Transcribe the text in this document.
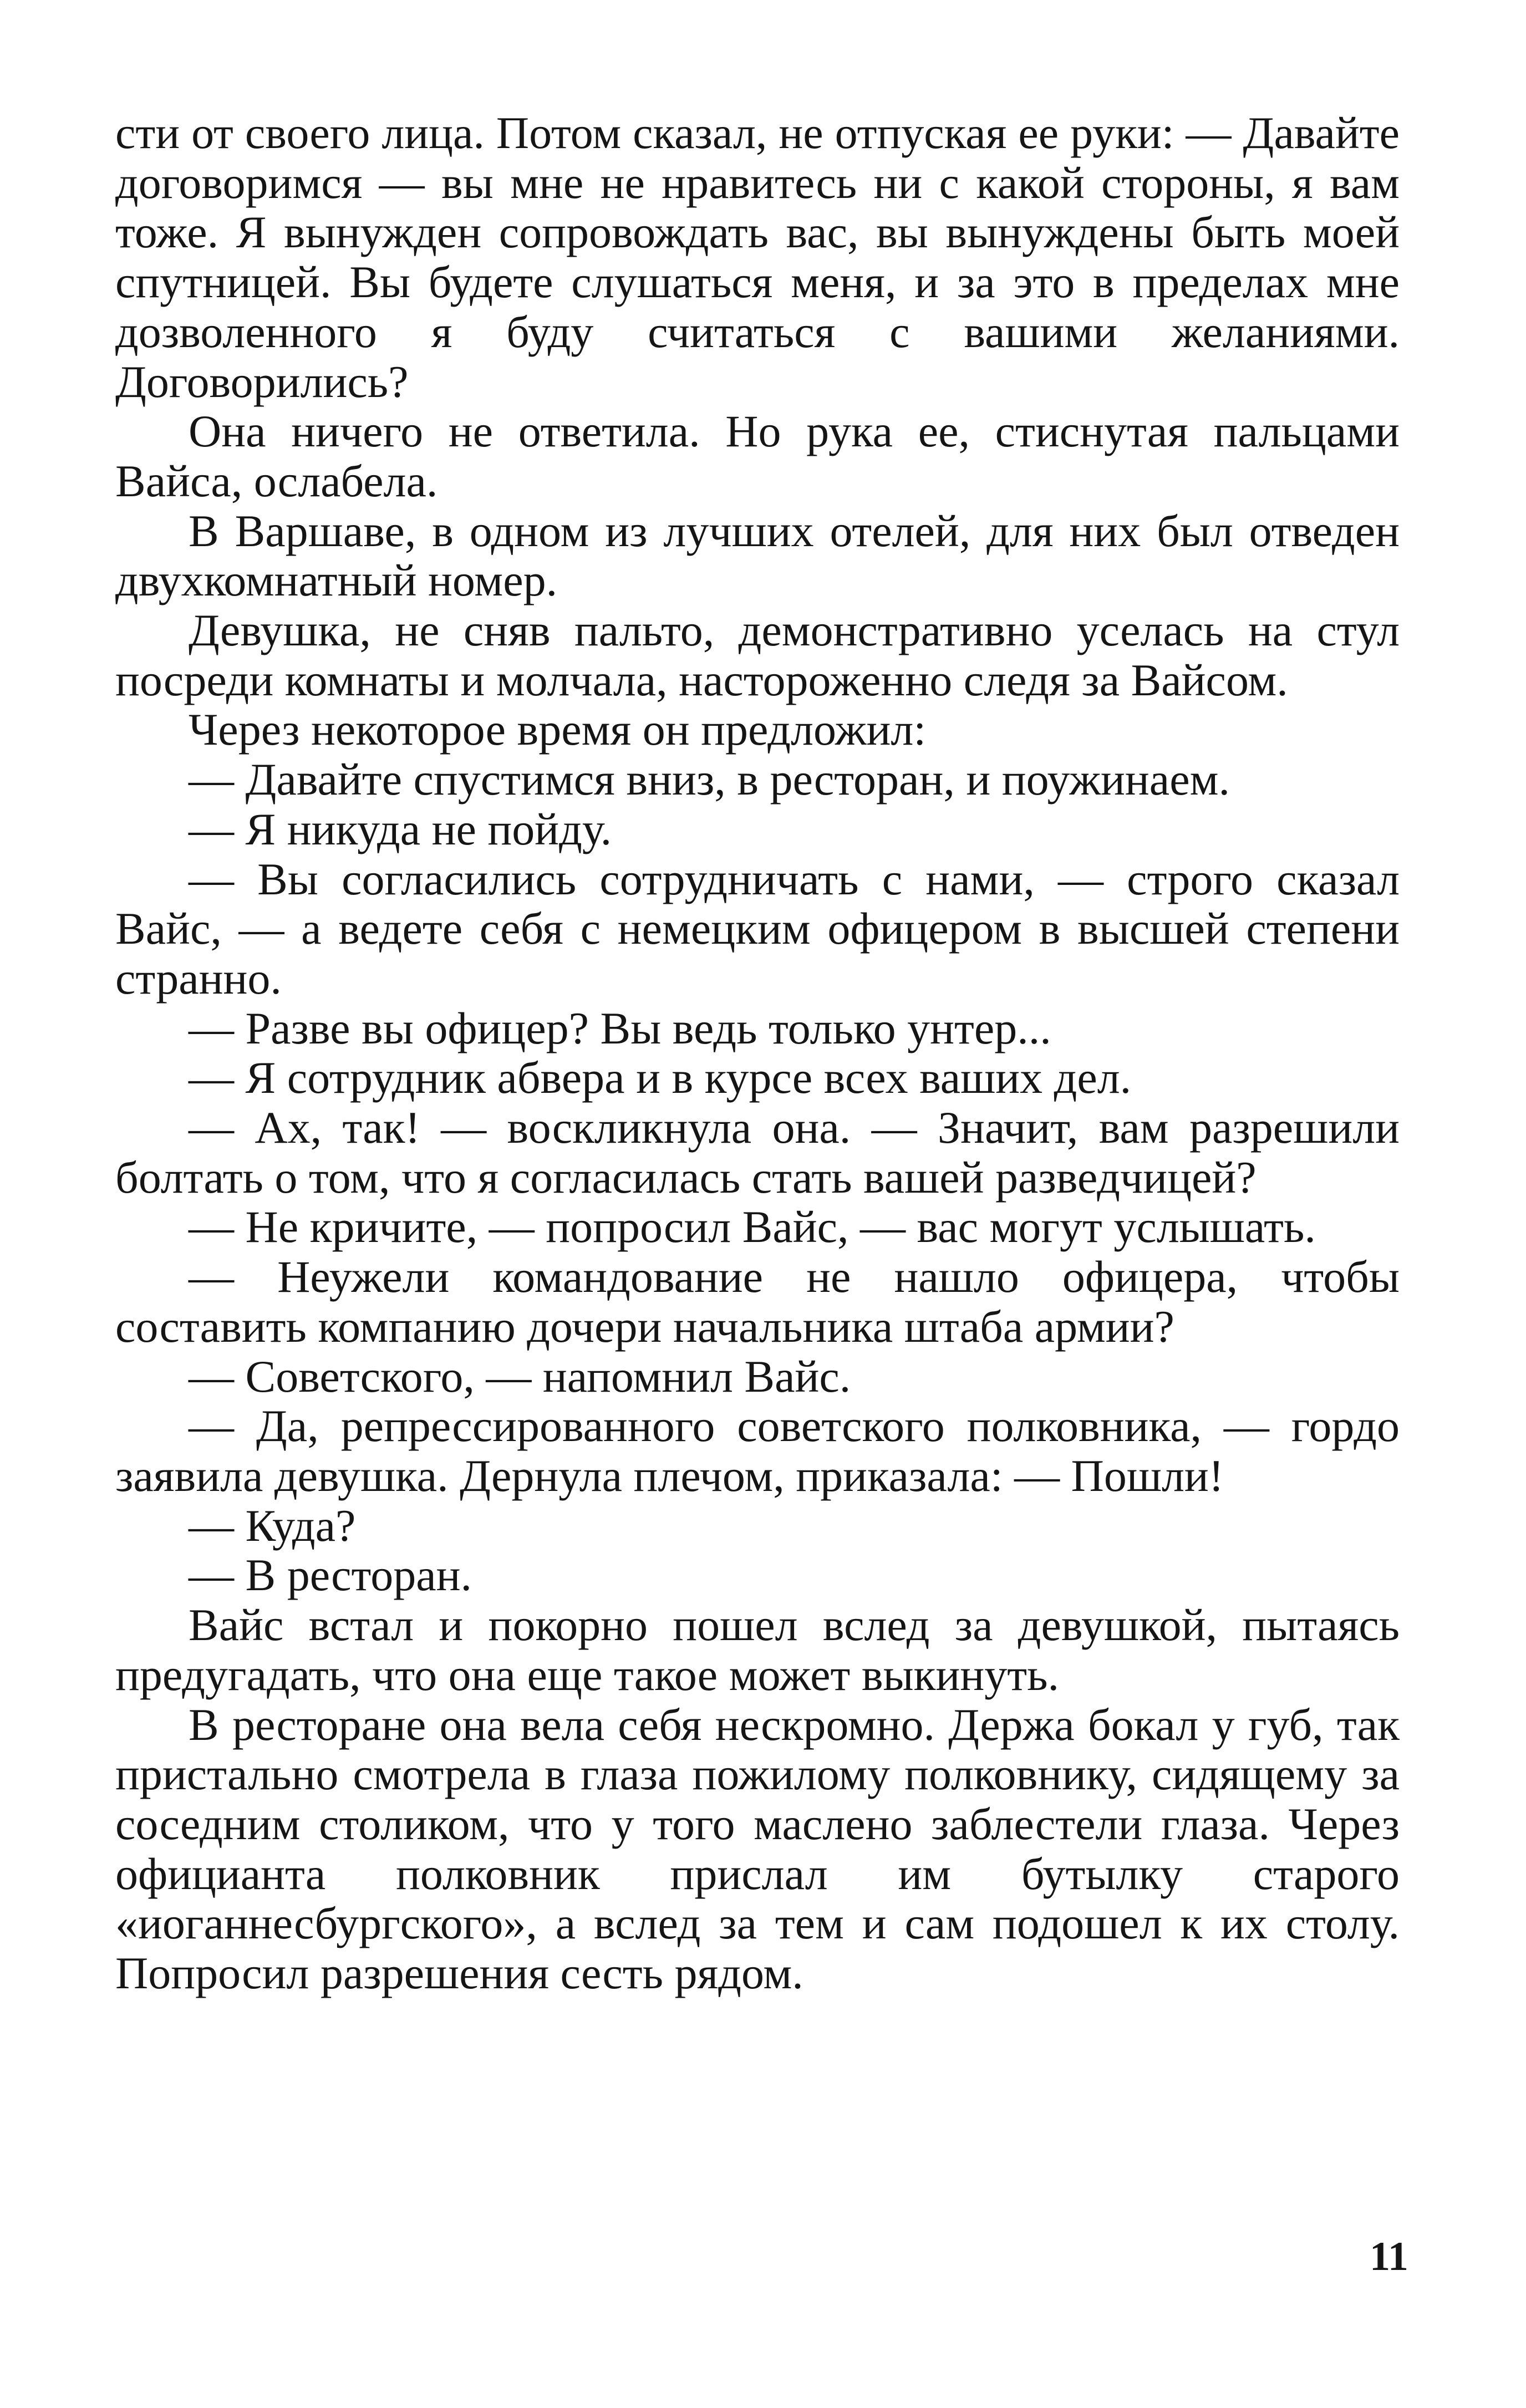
сти от своего лица. Потом сказал, не отпуская ее руки: — Давайте договоримся — вы мне не нравитесь ни с какой стороны, я вам тоже. Я вынужден сопровождать вас, вы вынуждены быть моей спутницей. Вы будете слушаться меня, и за это в пределах мне дозволенного я буду считаться с вашими желаниями. Договорились?

Она ничего не ответила. Но рука ее, стиснутая пальцами Вайса, ослабела.

В Варшаве, в одном из лучших отелей, для них был отведен двухкомнатный номер.

Девушка, не сняв пальто, демонстративно уселась на стул посреди комнаты и молчала, настороженно следя за Вайсом.

Через некоторое время он предложил:

— Давайте спустимся вниз, в ресторан, и поужинаем.

— Я никуда не пойду.

— Вы согласились сотрудничать с нами, — строго сказал Вайс, — а ведете себя с немецким офицером в высшей степени странно.

— Разве вы офицер? Вы ведь только унтер...

— Я сотрудник абвера и в курсе всех ваших дел.

— Ах, так! — воскликнула она. — Значит, вам разрешили болтать о том, что я согласилась стать вашей разведчицей?

— Не кричите, — попросил Вайс, — вас могут услышать.

— Неужели командование не нашло офицера, чтобы составить компанию дочери начальника штаба армии?

— Советского, — напомнил Вайс.

— Да, репрессированного советского полковника, — гордо заявила девушка. Дернула плечом, приказала: — Пошли!

— Куда?

— В ресторан.

Вайс встал и покорно пошел вслед за девушкой, пытаясь предугадать, что она еще такое может выкинуть.

В ресторане она вела себя нескромно. Держа бокал у губ, так пристально смотрела в глаза пожилому полковнику, сидящему за соседним столиком, что у того маслено заблестели глаза. Через официанта полковник прислал им бутылку старого «иоганнесбургского», а вслед за тем и сам подошел к их столу. Попросил разрешения сесть рядом.

11
